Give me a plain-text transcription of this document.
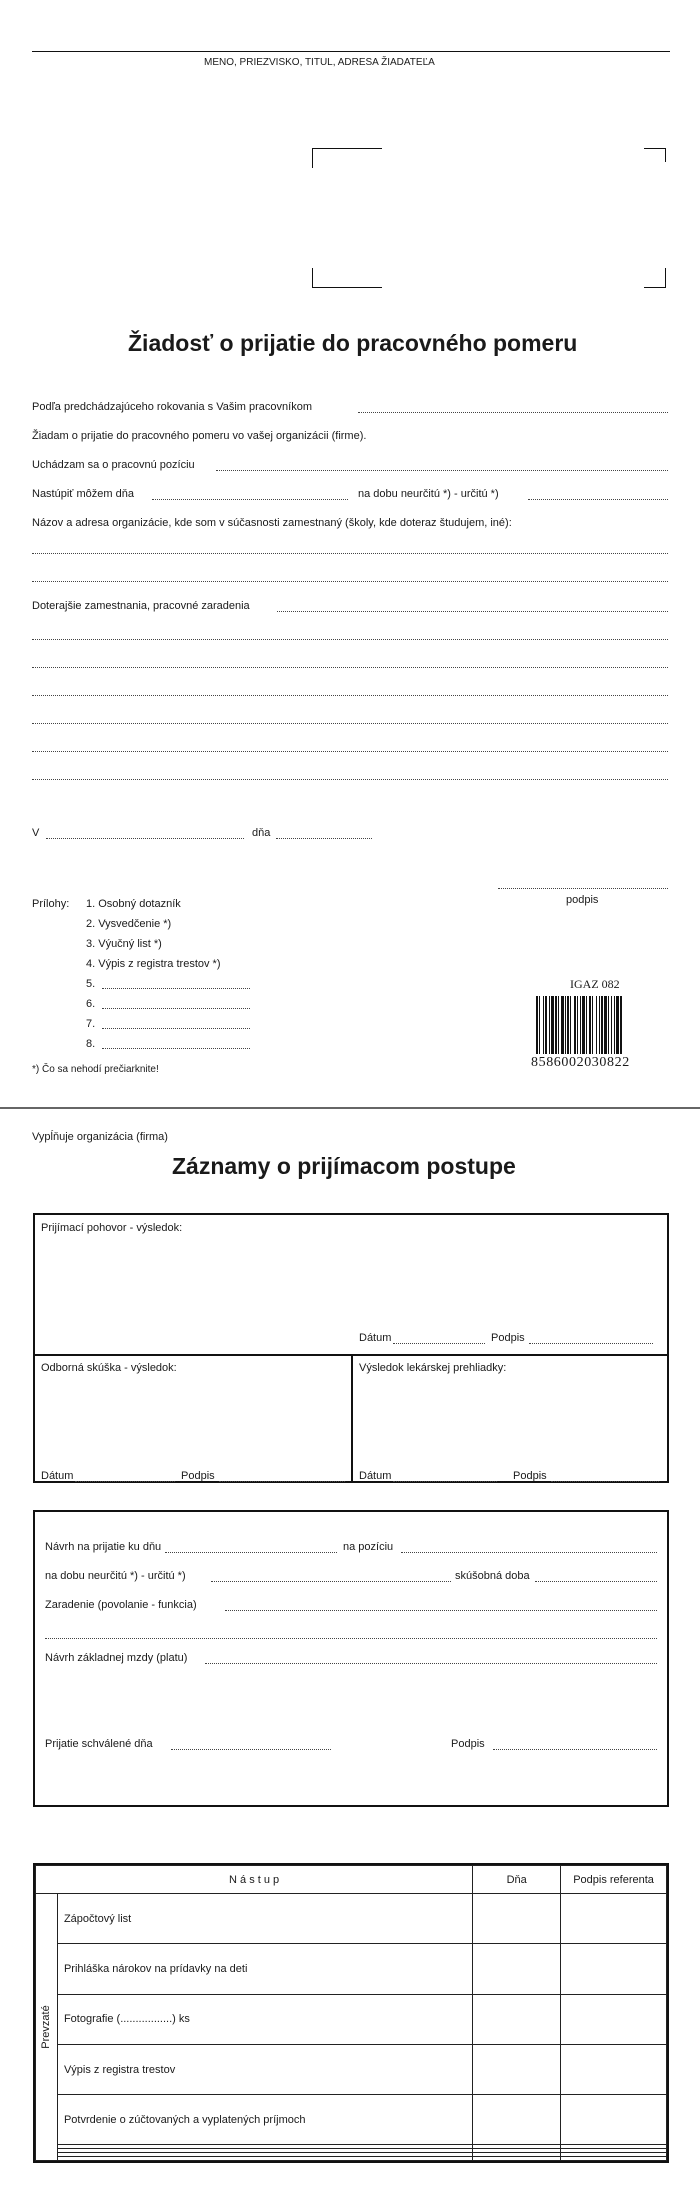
MENO, PRIEZVISKO, TITUL, ADRESA ŽIADATEĽA
Žiadosť o prijatie do pracovného pomeru
Podľa predchádzajúceho rokovania s Vašim pracovníkom
Žiadam o prijatie do pracovného pomeru vo vašej organizácii (firme).
Uchádzam sa o pracovnú pozíciu
Nastúpiť môžem dňa	na dobu neurčitú *) - určitú *)
Názov a adresa organizácie, kde som v súčasnosti zamestnaný (školy, kde doteraz študujem, iné):
Doterajšie zamestnania, pracovné zaradenia
V	dňa
podpis
Prílohy: 1. Osobný dotazník
2. Vysvedčenie *)
3. Výučný list *)
4. Výpis z registra trestov *)
5.
6.
7.
8.
*) Čo sa nehodí prečiarknite!
IGAZ 082
8586002030822
Vypĺňuje organizácia (firma)
Záznamy o prijímacom postupe
Prijímací pohovor - výsledok:
Dátum	Podpis
Odborná skúška - výsledok:
Dátum	Podpis
Výsledok lekárskej prehliadky:
Dátum	Podpis
Návrh na prijatie ku dňu	na pozíciu
na dobu neurčitú *) - určitú *)	skúšobná doba
Zaradenie (povolanie - funkcia)
Návrh základnej mzdy (platu)
Prijatie schválené dňa	Podpis
N á s t u p		Dňa	Podpis referenta

Prevzaté	Zápočtový list		
	Prihláška nárokov na prídavky na deti		
	Fotografie (.................) ks		
	Výpis z registra trestov		
	Potvrdenie o zúčtovaných a vyplatených príjmoch		
